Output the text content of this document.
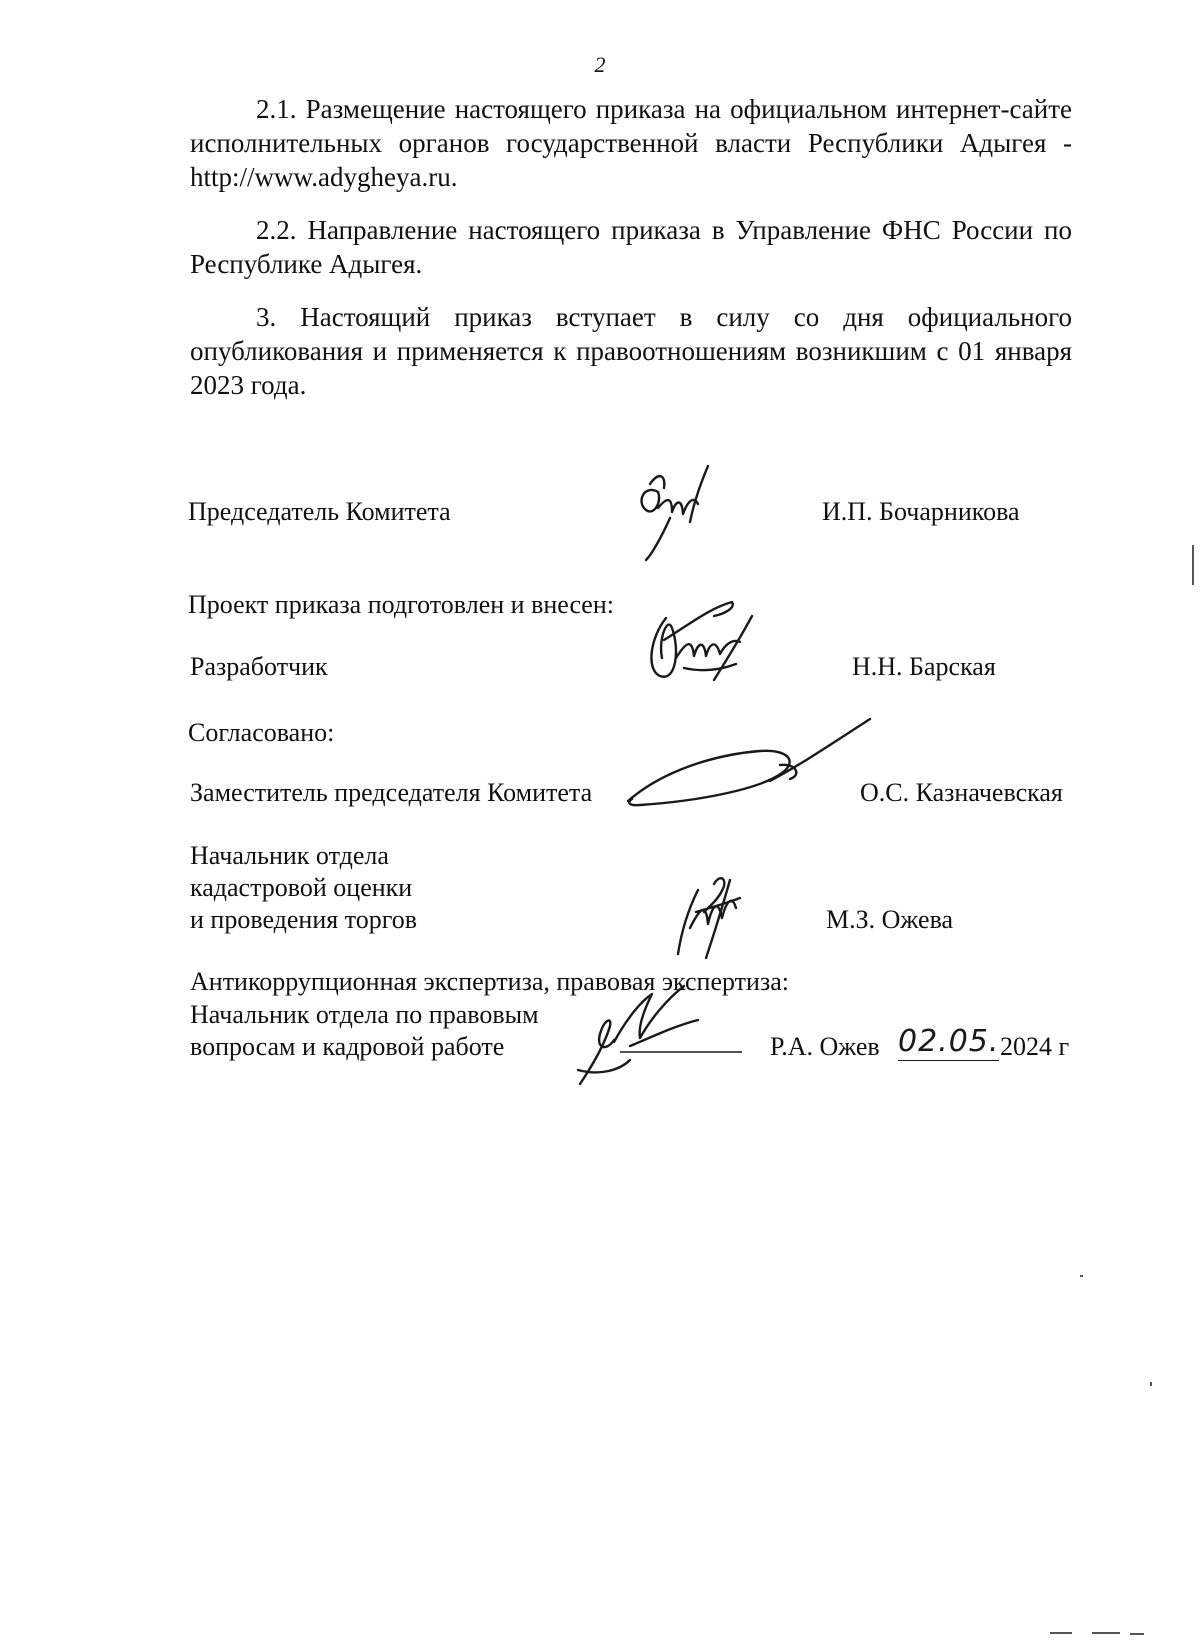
2
2.1. Размещение настоящего приказа на официальном интернет-сайте исполнительных органов государственной власти Республики Адыгея - http://www.adygheya.ru.
2.2. Направление настоящего приказа в Управление ФНС России по Республике Адыгея.
3. Настоящий приказ вступает в силу со дня официального опубликования и применяется к правоотношениям возникшим с 01 января 2023 года.
Председатель Комитета	И.П. Бочарникова
Проект приказа подготовлен и внесен:
Разработчик	Н.Н. Барская
Согласовано:
Заместитель председателя Комитета	О.С. Казначевская
Начальник отдела
кадастровой оценки
и проведения торгов	М.З. Ожева
Антикоррупционная экспертиза, правовая экспертиза:
Начальник отдела по правовым
вопросам и кадровой работе	Р.А. Ожев 02.05. 2024 г
